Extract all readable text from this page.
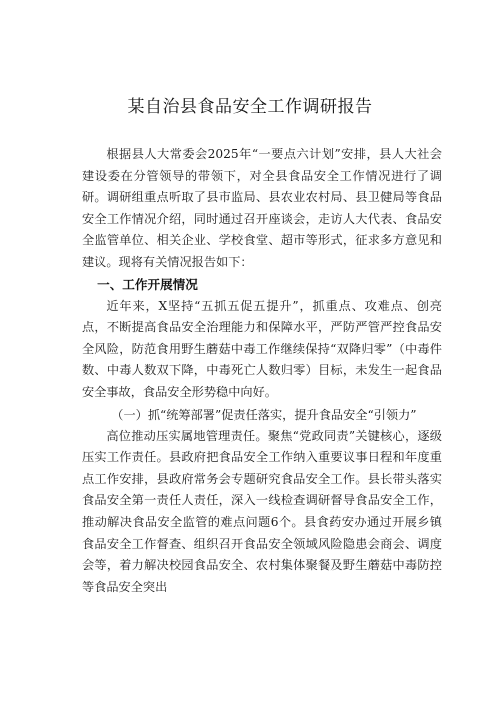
某自治县食品安全工作调研报告

根据县人大常委会2025年“一要点六计划”安排，县人大社会建设委在分管领导的带领下，对全县食品安全工作情况进行了调研。调研组重点听取了县市监局、县农业农村局、县卫健局等食品安全工作情况介绍，同时通过召开座谈会，走访人大代表、食品安全监管单位、相关企业、学校食堂、超市等形式，征求多方意见和建议。现将有关情况报告如下：

一、工作开展情况

近年来，X坚持“五抓五促五提升”，抓重点、攻难点、创亮点，不断提高食品安全治理能力和保障水平，严防严管严控食品安全风险，防范食用野生蘑菇中毒工作继续保持“双降归零”（中毒件数、中毒人数双下降，中毒死亡人数归零）目标，未发生一起食品安全事故，食品安全形势稳中向好。

（一）抓“统筹部署”促责任落实，提升食品安全“引领力”

高位推动压实属地管理责任。聚焦“党政同责”关键核心，逐级压实工作责任。县政府把食品安全工作纳入重要议事日程和年度重点工作安排，县政府常务会专题研究食品安全工作。县长带头落实食品安全第一责任人责任，深入一线检查调研督导食品安全工作，推动解决食品安全监管的难点问题6个。县食药安办通过开展乡镇食品安全工作督查、组织召开食品安全领域风险隐患会商会、调度会等，着力解决校园食品安全、农村集体聚餐及野生蘑菇中毒防控等食品安全突出
